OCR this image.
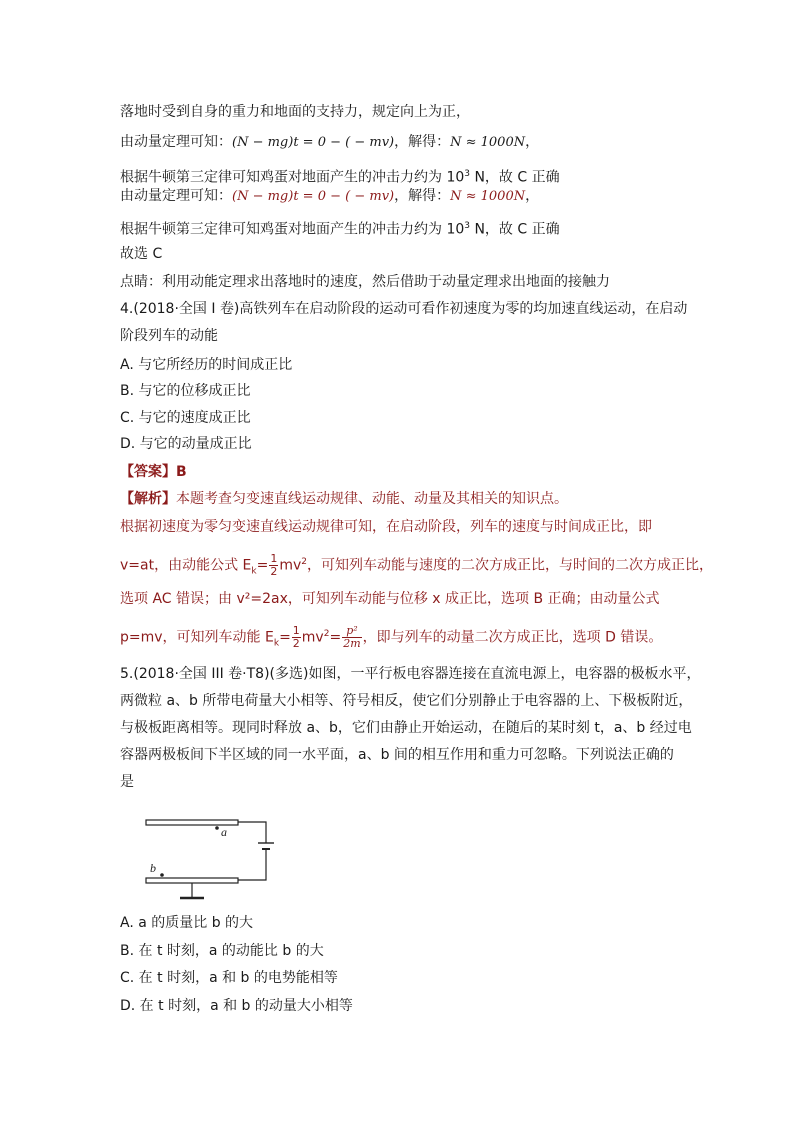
落地时受到自身的重力和地面的支持力，规定向上为正，
由动量定理可知：(N − mg)t = 0 − ( − mv)，解得：N ≈ 1000N，
根据牛顿第三定律可知鸡蛋对地面产生的冲击力约为 $10^3$ N，故 C 正确
由动量定理可知：(N − mg)t = 0 − ( − mv)，解得：N ≈ 1000N，
根据牛顿第三定律可知鸡蛋对地面产生的冲击力约为 $10^3$ N，故 C 正确
故选 C
点睛：利用动能定理求出落地时的速度，然后借助于动量定理求出地面的接触力
4.(2018·全国 I 卷)高铁列车在启动阶段的运动可看作初速度为零的均加速直线运动，在启动
阶段列车的动能
A. 与它所经历的时间成正比
B. 与它的位移成正比
C. 与它的速度成正比
D. 与它的动量成正比
【答案】B
【解析】本题考查匀变速直线运动规律、动能、动量及其相关的知识点。
根据初速度为零匀变速直线运动规律可知，在启动阶段，列车的速度与时间成正比，即
v=at，由动能公式 $E_k= \frac{1}{2} mv^2$，可知列车动能与速度的二次方成正比，与时间的二次方成正比，
选项 AC 错误；由 v²=2ax，可知列车动能与位移 x 成正比，选项 B 正确；由动量公式
p=mv，可知列车动能 $E_k= \frac{1}{2} mv^2= \frac{\text{p²}}{2m}$ ，即与列车的动量二次方成正比，选项 D 错误。
5.(2018·全国 III 卷·T8)(多选)如图，一平行板电容器连接在直流电源上，电容器的极板水平，
两微粒 a、b 所带电荷量大小相等、符号相反，使它们分别静止于电容器的上、下极板附近，
与极板距离相等。现同时释放 a、b，它们由静止开始运动，在随后的某时刻 t，a、b 经过电
容器两极板间下半区域的同一水平面，a、b 间的相互作用和重力可忽略。下列说法正确的
是
a
b
A. a 的质量比 b 的大
B. 在 t 时刻，a 的动能比 b 的大
C. 在 t 时刻，a 和 b 的电势能相等
D. 在 t 时刻，a 和 b 的动量大小相等
